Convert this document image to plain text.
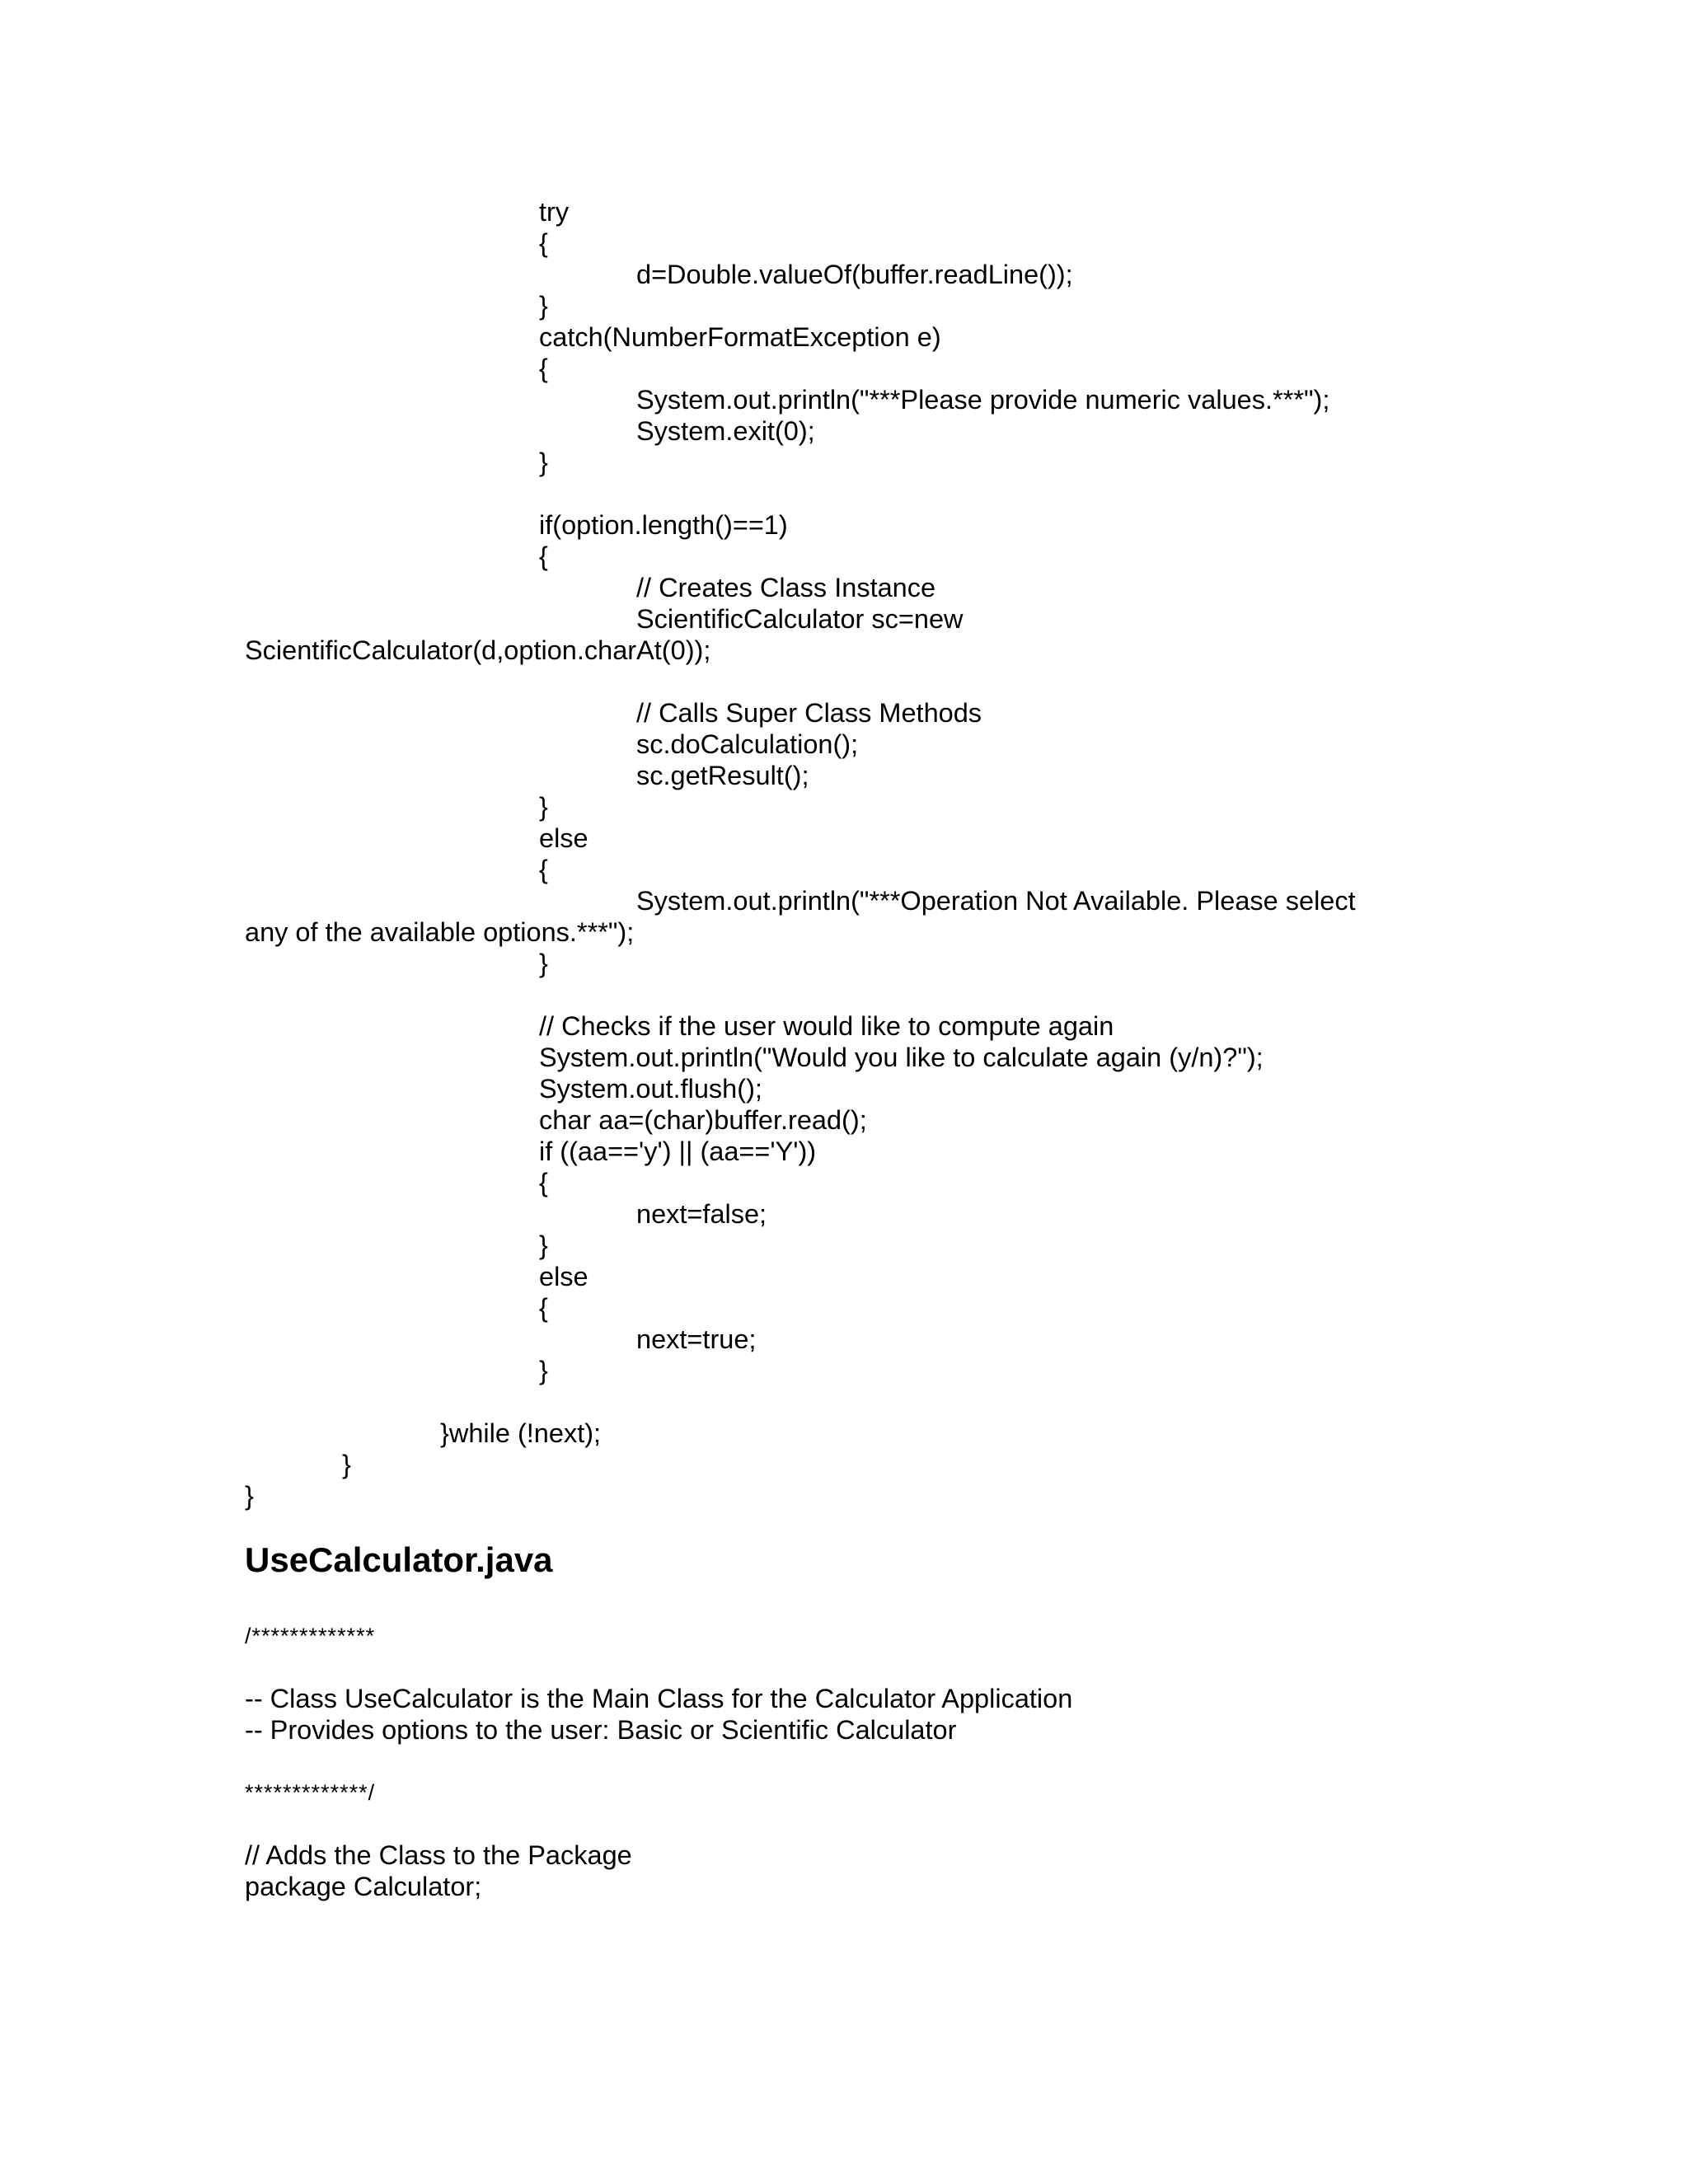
try
{
d=Double.valueOf(buffer.readLine());
}
catch(NumberFormatException e)
{
System.out.println("***Please provide numeric values.***");
System.exit(0);
}
if(option.length()==1)
{
// Creates Class Instance
ScientificCalculator sc=new
ScientificCalculator(d,option.charAt(0));
// Calls Super Class Methods
sc.doCalculation();
sc.getResult();
}
else
{
System.out.println("***Operation Not Available. Please select
any of the available options.***");
}
// Checks if the user would like to compute again
System.out.println("Would you like to calculate again (y/n)?");
System.out.flush();
char aa=(char)buffer.read();
if ((aa=='y') || (aa=='Y'))
{
next=false;
}
else
{
next=true;
}
}while (!next);
}
}
UseCalculator.java
/*************
-- Class UseCalculator is the Main Class for the Calculator Application
-- Provides options to the user: Basic or Scientific Calculator
*************/
// Adds the Class to the Package
package Calculator;
